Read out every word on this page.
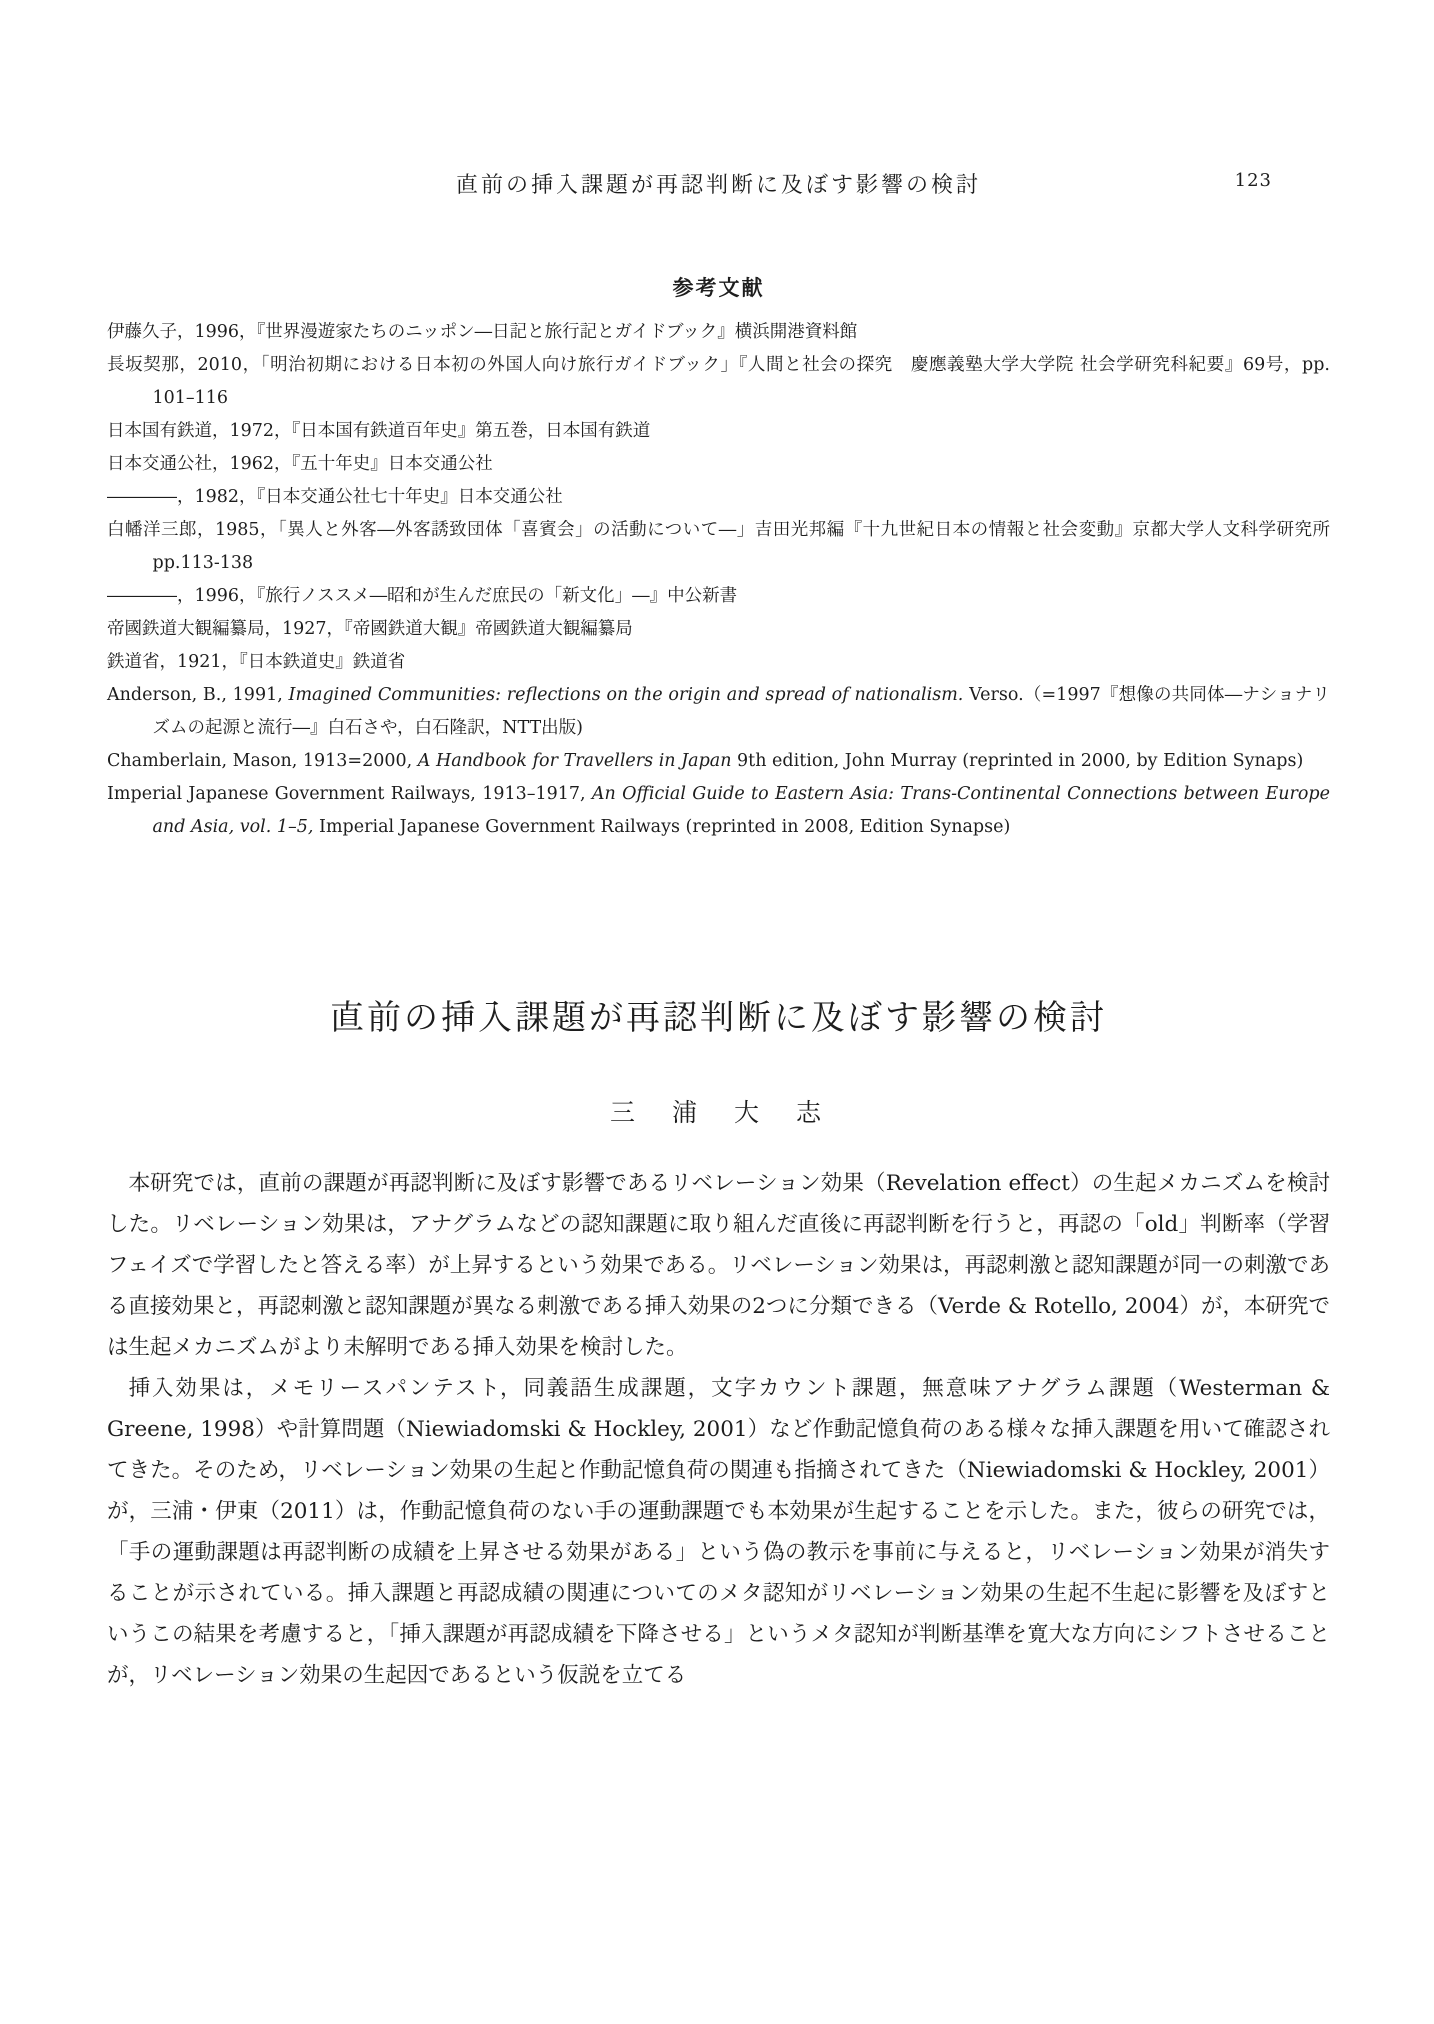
直前の挿入課題が再認判断に及ぼす影響の検討	123
参考文献
伊藤久子，1996，『世界漫遊家たちのニッポン―日記と旅行記とガイドブック』横浜開港資料館
長坂契那，2010，「明治初期における日本初の外国人向け旅行ガイドブック」『人間と社会の探究　慶應義塾大学大学院 社会学研究科紀要』69号，pp. 101–116
日本国有鉄道，1972，『日本国有鉄道百年史』第五巻，日本国有鉄道
日本交通公社，1962，『五十年史』日本交通公社
――――，1982，『日本交通公社七十年史』日本交通公社
白幡洋三郎，1985，「異人と外客―外客誘致団体「喜賓会」の活動について―」吉田光邦編『十九世紀日本の情報と社会変動』京都大学人文科学研究所 pp.113-138
――――，1996，『旅行ノススメ―昭和が生んだ庶民の「新文化」―』中公新書
帝國鉄道大観編纂局，1927，『帝國鉄道大観』帝國鉄道大観編纂局
鉄道省，1921，『日本鉄道史』鉄道省
Anderson, B., 1991, Imagined Communities: reflections on the origin and spread of nationalism. Verso.（=1997『想像の共同体―ナショナリズムの起源と流行―』白石さや，白石隆訳，NTT出版)
Chamberlain, Mason, 1913=2000, A Handbook for Travellers in Japan 9th edition, John Murray (reprinted in 2000, by Edition Synaps)
Imperial Japanese Government Railways, 1913–1917, An Official Guide to Eastern Asia: Trans-Continental Connections between Europe and Asia, vol. 1–5, Imperial Japanese Government Railways (reprinted in 2008, Edition Synapse)
直前の挿入課題が再認判断に及ぼす影響の検討
三　浦　大　志

本研究では，直前の課題が再認判断に及ぼす影響であるリベレーション効果（Revelation effect）の生起メカニズムを検討した。リベレーション効果は，アナグラムなどの認知課題に取り組んだ直後に再認判断を行うと，再認の「old」判断率（学習フェイズで学習したと答える率）が上昇するという効果である。リベレーション効果は，再認刺激と認知課題が同一の刺激である直接効果と，再認刺激と認知課題が異なる刺激である挿入効果の2つに分類できる（Verde & Rotello, 2004）が，本研究では生起メカニズムがより未解明である挿入効果を検討した。

挿入効果は，メモリースパンテスト，同義語生成課題，文字カウント課題，無意味アナグラム課題（Westerman & Greene, 1998）や計算問題（Niewiadomski & Hockley, 2001）など作動記憶負荷のある様々な挿入課題を用いて確認されてきた。そのため，リベレーション効果の生起と作動記憶負荷の関連も指摘されてきた（Niewiadomski & Hockley, 2001）が，三浦・伊東（2011）は，作動記憶負荷のない手の運動課題でも本効果が生起することを示した。また，彼らの研究では，「手の運動課題は再認判断の成績を上昇させる効果がある」という偽の教示を事前に与えると，リベレーション効果が消失することが示されている。挿入課題と再認成績の関連についてのメタ認知がリベレーション効果の生起不生起に影響を及ぼすというこの結果を考慮すると，「挿入課題が再認成績を下降させる」というメタ認知が判断基準を寛大な方向にシフトさせることが，リベレーション効果の生起因であるという仮説を立てる
